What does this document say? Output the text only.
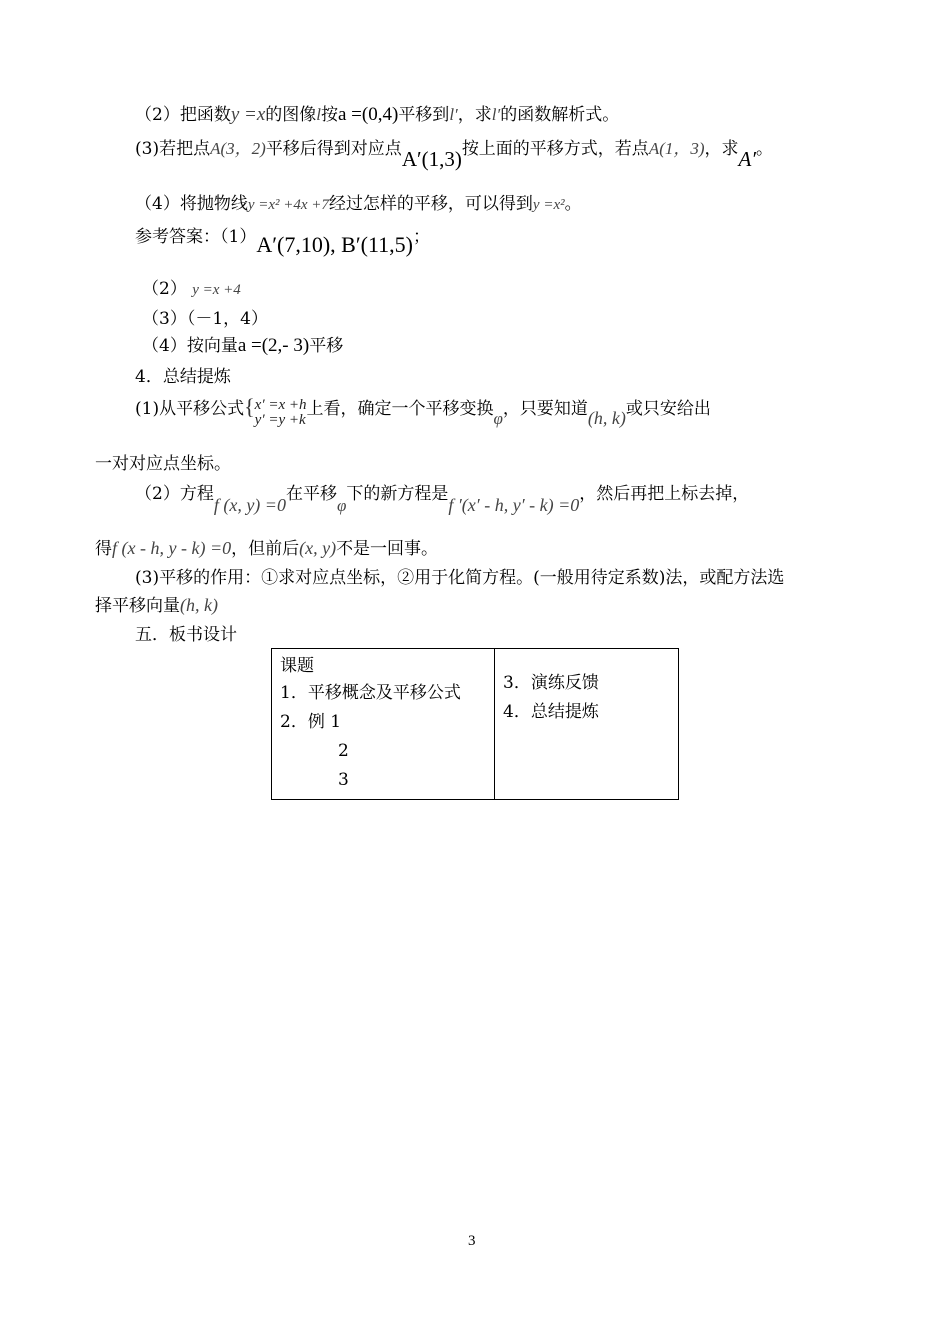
（2）把函数y =x的图像l按a =(0,4)平移到l′，求l′的函数解析式。
(3)若把点A(3，2)平移后得到对应点A′(1,3)按上面的平移方式，若点A(1，3)，求A′。
（4）将抛物线y =x² +4x +7经过怎样的平移，可以得到y =x²。
参考答案：（1）A′(7,10), B′(11,5)；
（2） y =x +4
（3）（－1，4）
（4）按向量a =(2,- 3)平移
4．总结提炼
(1)从平移公式{ x′ =x +h
y′ =y +k
上看，确定一个平移变换φ，只要知道(h, k)或只安给出
一对对应点坐标。
（2）方程f (x, y) =0在平移φ下的新方程是f ′(x′ - h, y′ - k) =0，然后再把上标去掉，
得f (x - h, y - k) =0，但前后(x, y)不是一回事。
(3)平移的作用：①求对应点坐标，②用于化简方程。(一般用待定系数)法，或配方法选
择平移向量(h, k)
五．板书设计
课题
1．平移概念及平移公式
2．例 1
2
3

3．演练反馈
4．总结提炼
3
